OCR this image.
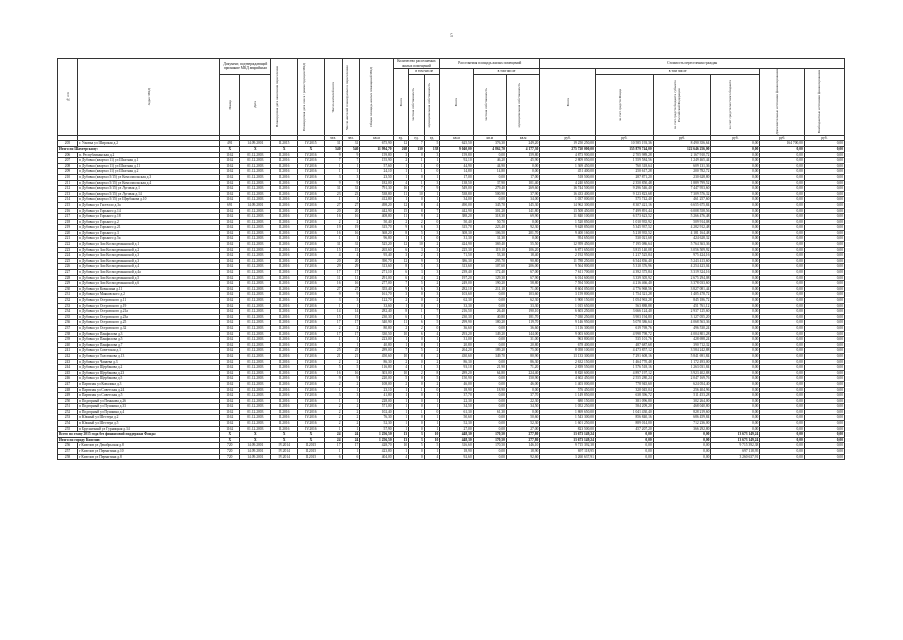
5
№ п/п	Адрес МКД	Документ, подтверждающий признание МКД аварийным		Планируемая дата окончания переселения	Планируемая дата сноса / реконструкции МКД	Число жителей всего	Число жителей планируемых к переселению	Общая площадь жилых помещений МКД	Количество расселяемых жилых помещений			Расселяемая площадь жилых помещений			Стоимость переселения граждан					

									Всего	в том числе		Всего	в том числе		Всего	в том числе			Дополнительные источники финансирования	Внебюджетные источники финансирования

		Номер	Дата							частная собственность	муниципальная собственность		частная собственность	муниципальная собственность		за счет средств Фонда	за счет средств бюджета субъекта Российской Федерации	за счет средств местного бюджета		

						чел.	чел.	кв.м	ед.	ед.	ед.	кв.м	кв.м	кв.м	руб.	руб.	руб.	руб.	руб.	руб.
205	г. Ужовка ул Широкая д.2	491	14.09.2001	II.2015	IV.2015	31	31	675,90	12	7	5	625,50	376,30	249,20	19 250 250,00	10 585 193,36	8 490 356,64	0,00	164 700,00	0,00
Итого по Шахтерскому:		X	X	X	X	540	540	11 994,70	268	130	138	9 040,00	4 862,70	4 177,30	275 720 000,00	155 879 744,00	122 646 256,00	0,00	0,00	0,00
206	п. Республиканская д.2	1162	01.12.2003	II.2016	IV.2016	9	9	159,80	3	0	3	159,80	0,00	159,80	4 873 900,00	2 705 989,28	2 167 910,72	0,00	0,00	0,00
207	п Дубовка (квартал 11) ул Шахтная д.1	1162	01.12.2003	II.2016	IV.2016	7	7	155,90	2	1	1	92,10	46,20	45,90	2 809 050,00	1 559 584,56	1 249 465,44	0,00	0,00	0,00
208	п Дубовка (квартал 11) ул Шахтная д.11	1162	01.12.2003	II.2016	IV.2016	1	1	57,60	1	1	0	44,90	44,90	0,00	1 369 450,00	760 318,64	609 131,36	0,00	0,00	0,00
209	п Дубовка (квартал 11) ул Шахтная д.2	1162	01.12.2003	II.2016	IV.2016	1	1	24,10	1	1	0	14,80	14,80	0,00	451 400,00	250 617,28	200 782,72	0,00	0,00	0,00
210	п Дубовка (квартал 5/15) ул Комсомольская д.3	1162	01.12.2003	II.2016	IV.2016	3	3	23,50	1	0	1	17,00	0,00	17,00	518 500,00	287 871,20	230 628,80	0,00	0,00	0,00
211	п Дубовка (квартал 5/15) ул Комсомольская д.4	1162	01.12.2003	II.2016	IV.2016	9	9	182,00	4	1	3	138,50	37,90	101,40	4 240 650,00	2 350 850,48	1 889 799,52	0,00	0,00	0,00
212	п Дубовка (квартал 5/15) ул Луговая д.1	1162	01.12.2003	II.2016	IV.2016	31	31	791,30	16	7	9	549,00	279,40	269,60	16 744 500,00	9 296 546,40	7 447 953,60	0,00	0,00	0,00
213	п Дубовка (квартал 5/15) ул Луговая д.14	1162	01.12.2003	II.2016	IV.2016	23	23	538,80	11	10	1	538,80	500,90	37,90	16 433 400,00	9 123 823,68	7 309 576,32	0,00	0,00	0,00
214	п Дубовка (квартал 5/15) ул Щербакова д.10	1162	01.12.2003	II.2016	IV.2016	1	1	412,80	1	0	1	34,00	0,00	34,00	1 037 000,00	575 742,40	461 257,60	0,00	0,00	0,00
215	п Дубовка ул Гастелло д.3а	691	14.09.2001	II.2016	IV.2016	27	27	498,20	12	8	4	490,00	345,70	145,30	14 962 300,00	8 307 421,16	6 655 675,84	0,00	0,00	0,00
216	п Дубовка ул Горького д.14	1162	01.12.2003	II.2016	IV.2016	20	20	442,90	15	8	7	442,90	301,20	141,80	13 508 450,00	7 499 891,44	6 008 558,56	0,00	0,00	0,00
217	п Дубовка ул Горького д.18	1162	01.12.2003	II.2016	IV.2016	16	16	408,80	11	9	2	388,20	318,30	69,90	11 840 100,00	6 573 623,52	5 266 476,48	0,00	0,00	0,00
218	п Дубовка ул Горького д.2	1162	01.12.2003	II.2016	IV.2016	2	2	50,40	2	2	0	50,40	50,70	0,00	1 520 850,00	1 010 935,92	509 914,08	0,00	0,00	0,00
219	п Дубовка ул Горького д.21	1162	01.12.2003	II.2016	IV.2016	19	19	315,70	9	6	3	315,70	223,40	92,30	9 628 850,00	5 345 937,52	4 282 912,48	0,00	0,00	0,00
220	п Дубовка ул Горького д.3	1162	01.12.2003	II.2016	IV.2016	16	16	368,20	8	5	3	308,30	106,50	201,70	9 400 160,00	5 218 935,52	4 181 164,48	0,00	0,00	0,00
221	п Дубовка ул Горького д.5а	1162	01.12.2003	II.2016	IV.2016	1	1	96,80	1	1	0	31,30	31,30	0,00	954 650,00	530 021,68	424 628,32	0,00	0,00	0,00
222	п Дубовка ул Зои Космодемьянской д.1	1162	01.12.2003	II.2016	IV.2016	31	31	525,20	12	10	2	424,90	369,40	55,50	12 959 450,00	7 195 086,64	5 764 363,36	0,00	0,00	0,00
223	п Дубовка ул Зои Космодемьянской д.2	1162	01.12.2003	II.2016	IV.2016	15	15	265,60	6	3	3	225,30	119,10	106,20	6 871 650,00	3 815 140,08	3 056 509,92	0,00	0,00	0,00
224	п Дубовка ул Зои Космодемьянской д.3	1162	01.12.2003	II.2016	IV.2016	4	4	95,40	3	2	1	71,50	53,30	18,40	2 192 950,00	1 217 525,84	975 424,16	0,00	0,00	0,00
225	п Дубовка ул Зои Космодемьянской д.3	1162	01.12.2003	II.2016	IV.2016	20	20	390,70	12	9	3	386,30	295,70	90,80	11 788 250,00	6 544 836,40	5 243 413,60	0,00	0,00	0,00
226	п Дубовка ул Зои Космодемьянской д.4	1162	01.12.2003	II.2016	IV.2016	29	29	313,60	8	5	3	313,60	107,60	206,00	9 564 800,00	5 310 376,96	4 254 423,04	0,00	0,00	0,00
227	п Дубовка ул Зои Космодемьянской д.4а	1162	01.12.2003	II.2016	IV.2016	17	17	271,10	6	3	3	239,40	172,40	67,00	7 611 700,00	4 392 375,84	3 319 324,16	0,00	0,00	0,00
228	п Дубовка ул Зои Космодемьянской д.5	1162	01.12.2003	II.2016	IV.2016	11	11	291,00	6	4	2	197,20	129,30	67,90	6 014 600,00	3 339 305,92	2 675 294,08	0,00	0,00	0,00
229	п Дубовка ул Зои Космодемьянской д.6	1162	01.12.2003	II.2016	IV.2016	16	16	277,00	7	5	2	249,00	190,20	58,80	7 594 500,00	4 216 466,40	3 378 033,60	0,00	0,00	0,00
230	п Дубовка ул Ковылина д.11	1162	01.12.2003	II.2016	IV.2016	27	27	355,40	9	6	3	282,10	211,10	71,00	8 604 050,00	4 776 968,56	3 827 081,44	0,00	0,00	0,00
231	п Дубовка ул Маяковского д.2	1162	01.12.2003	II.2016	IV.2016	9	9	161,70	3	0	3	103,60	0,00	103,60	3 159 800,00	1 754 321,28	1 405 478,72	0,00	0,00	0,00
232	п Дубовка ул Островского д.11	1162	01.12.2003	II.2016	IV.2016	3	3	122,70	2	0	2	62,30	0,00	62,30	1 900 150,00	1 054 963,28	845 186,72	0,00	0,00	0,00
233	п Дубовка ул Островского д.19	1162	01.12.2003	II.2016	IV.2016	1	1	33,60	1	0	1	33,30	0,00	33,30	1 015 650,00	563 888,88	451 761,12	0,00	0,00	0,00
234	п Дубовка ул Островского д.21а	1162	01.12.2003	II.2016	IV.2016	14	14	282,40	8	1	7	216,50	26,40	190,10	6 603 250,00	3 666 124,40	2 937 125,60	0,00	0,00	0,00
235	п Дубовка ул Островского д.23а	1162	01.12.2003	II.2016	IV.2016	15	15	230,30	6	1	5	230,30	40,80	181,70	7 030 250,00	3 903 194,80	3 127 055,20	0,00	0,00	0,00
236	п Дубовка ул Островского д.25	1162	01.12.2003	II.2016	IV.2016	17	17	340,90	11	6	5	299,90	180,20	119,70	9 146 950,00	5 078 386,64	4 068 563,36	0,00	0,00	0,00
237	п Дубовка ул Островского д.32	1162	01.12.2003	II.2016	IV.2016	2	2	80,80	2	2	0	36,60	0,00	36,60	1 116 300,00	619 769,76	496 530,24	0,00	0,00	0,00
238	п Дубовка ул Панфилова д.3	1162	01.12.2003	II.2016	IV.2016	17	17	330,50	10	6	4	293,20	149,20	144,00	9 003 600,00	4 998 798,72	4 004 801,28	0,00	0,00	0,00
239	п Дубовка ул Панфилова д.5	1162	01.12.2003	II.2016	IV.2016	1	1	223,00	1	0	1	31,00	0,00	31,00	963 800,00	535 101,76	428 698,24	0,00	0,00	0,00
240	п Дубовка ул Панфилова д.7	1162	01.12.2003	II.2016	IV.2016	1	1	40,80	1	0	1	20,80	0,00	20,80	678 400,00	487 687,68	390 712,32	0,00	0,00	0,00
241	п Дубовка ул Советская д.1	1162	01.12.2003	II.2016	IV.2016	25	25	289,00	7	5	2	264,20	189,20	75,00	8 058 100,00	4 473 857,12	3 584 242,88	0,00	0,00	0,00
242	п Дубовка ул Толстикова д.13	1162	01.12.2003	II.2016	IV.2016	21	21	450,60	10	8	2	430,60	349,70	80,90	13 133 300,00	7 291 608,16	5 841 691,84	0,00	0,00	0,00
243	п Дубовка ул Чапаева д.3	1162	01.12.2003	II.2016	IV.2016	2	2	86,30	2	0	2	86,30	0,00	86,30	2 632 150,00	1 464 770,48	1 172 493,00	0,00	0,00	0,00
244	п Дубовка ул Щербакова д.2	1162	01.12.2003	II.2016	IV.2016	5	5	116,80	4	1	3	93,10	21,90	71,20	2 839 550,00	1 576 518,16	1 263 031,84	0,00	0,00	0,00
245	п Дубовка ул Щербакова д.23	1162	01.12.2003	II.2016	IV.2016	16	16	303,00	10	2	8	289,20	64,80	224,40	8 820 600,00	4 897 197,12	3 923 402,88	0,00	0,00	0,00
246	п Дубовка ул Щербакова д.5	1162	01.12.2003	II.2016	IV.2016	9	9	220,00	5	0	5	150,90	0,00	150,90	4 602 450,00	2 555 280,24	2 047 169,76	0,00	0,00	0,00
247	п Партизан ул Ковалина д.3	1162	01.12.2003	II.2016	IV.2016	2	2	108,00	2	0	2	46,00	0,00	46,00	1 403 000,00	778 945,60	624 054,40	0,00	0,00	0,00
248	п Партизан ул Советская д.24	1162	01.12.2003	II.2016	IV.2016	1	1	23,10	1	1	0	18,90	18,90	0,00	576 450,00	320 045,04	256 404,96	0,00	0,00	0,00
249	п Партизан ул Советская д.5	1162	01.12.2003	II.2016	IV.2016	3	3	41,80	1	0	1	37,70	0,00	37,70	1 149 850,00	638 396,72	511 453,28	0,00	0,00	0,00
250	п Подгорный ул Пенькова д.26	1162	01.12.2003	II.2016	IV.2016	1	1	228,00	1	0	1	22,30	0,00	22,30	680 150,00	381 096,80	302 264,00	0,00	0,00	0,00
251	п Подгорный ул Пушкина д.33	1162	01.12.2003	II.2016	IV.2016	2	2	571,00	1	0	1	34,50	0,00	34,50	1 052 250,00	584 209,20	468 040,80	0,00	0,00	0,00
252	п Подгорный ул Пушкина д.4	1162	01.12.2003	II.2016	IV.2016	2	2	102,40	1	1	0	61,30	61,30	0,00	1 869 650,00	1 041 430,40	828 219,60	0,00	0,00	0,00
253	п Южный ул Шестера д.2	1162	01.12.2003	II.2016	IV.2016	2	2	76,30	1	0	1	50,60	0,00	50,60	1 543 300,00	856 840,16	686 459,84	0,00	0,00	0,00
254	п Южный ул Шестера д.5	1162	01.12.2003	II.2016	IV.2016	2	2	52,30	1	0	1	52,30	0,00	52,30	1 601 250,00	889 014,00	712 236,00	0,00	0,00	0,00
255	п Брусничный ул Гурницкая д.34	1162	01.12.2003	II.2016	IV.2016	1	1	57,90	1	0	1	27,00	0,00	27,00	823 500,00	457 207,20	366 292,80	0,00	0,00	0,00
Всего по этапу 2015 года без финансовой поддержки Фонда:		X	X	X	X	24	24	1 256,50	13	3	10	448,30	170,50	277,80	13 673 149,24	0,00	0,00	13 673 149,24	0,00	0,00
Итого по городу Кизелов:		X	X	X	X	24	24	1 256,50	13	3	10	448,30	170,50	277,80	13 673 149,24	0,00	0,00	13 673 149,24	0,00	0,00
256	г Кизелов ул Декабрьская д.8	720	14.09.2001	IV.2014	II.2015	17	17	428,70	10	5	5	316,60	170,50	146,10	9 715 392,38	0,00	0,00	9 715 392,38	0,00	0,00
257	г Кизелов ул Пермитина д.10	720	14.09.2001	IV.2014	II.2015	1	1	423,80	1	0	1	18,90	0,00	18,90	697 118,95	0,00	0,00	697 118,95	0,00	0,00
258	г Кизелов ул Пермитина д.8	720	14.09.2001	IV.2014	II.2015	6	6	404,00	4	0	4	92,60	0,00	92,60	3 260 637,91	0,00	0,00	3 260 637,91	0,00	0,00
